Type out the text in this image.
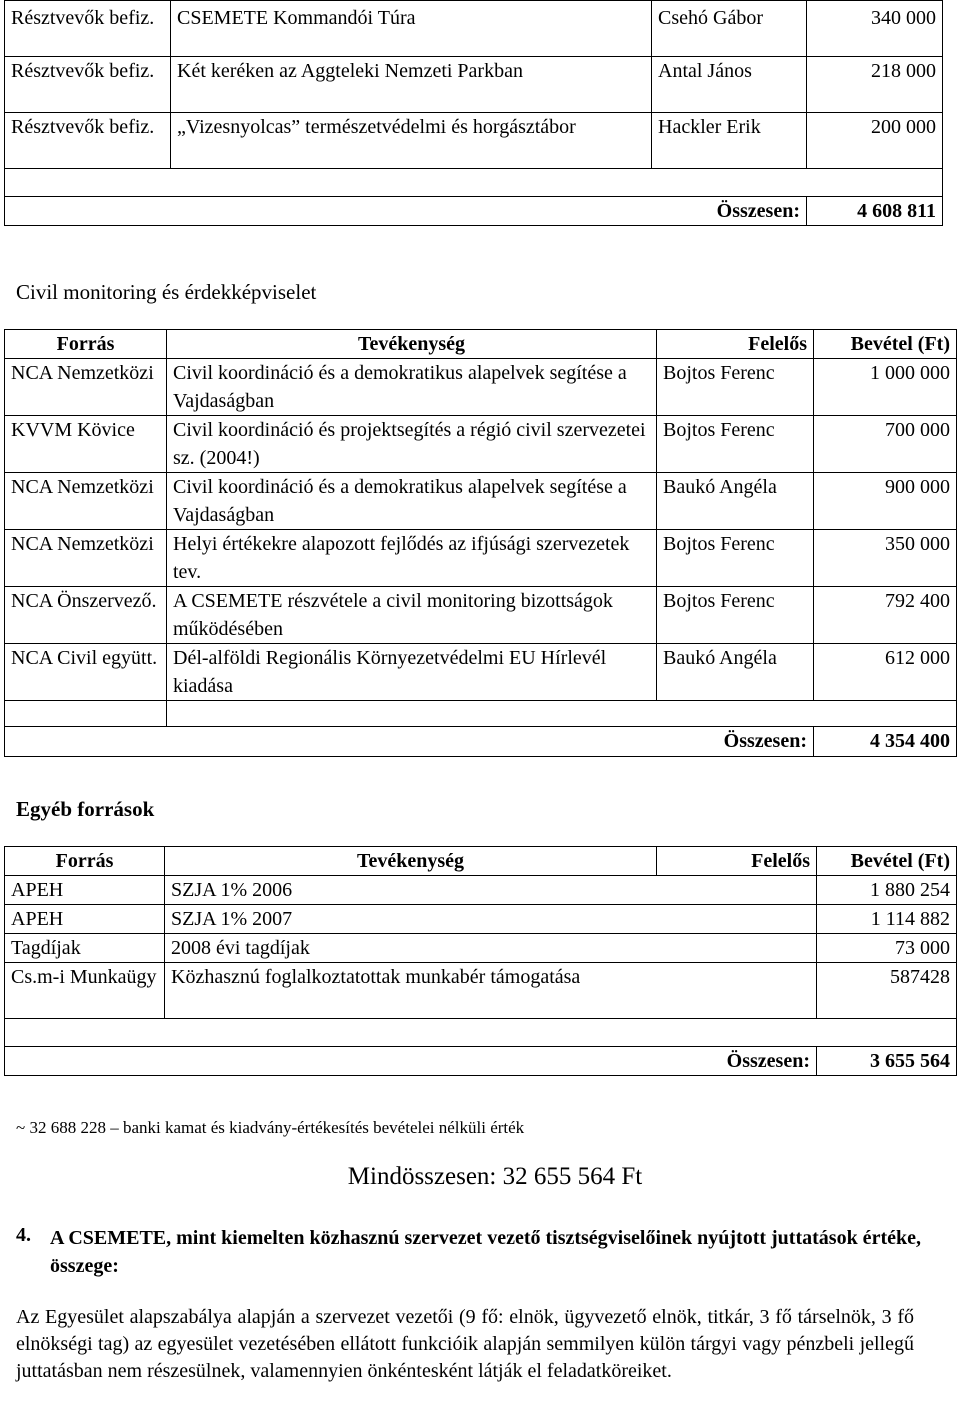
Résztvevők befiz.	CSEMETE Kommandói Túra	Csehó Gábor	340 000
Résztvevők befiz.	Két keréken az Aggteleki Nemzeti Parkban	Antal János	218 000
Résztvevők befiz.	„Vizesnyolcas” természetvédelmi és horgásztábor	Hackler Erik	200 000

Összesen:			4 608 811
Civil monitoring és érdekképviselet
Forrás	Tevékenység	Felelős	Bevétel (Ft)
NCA Nemzetközi	Civil koordináció és a demokratikus alapelvek segítése a Vajdaságban	Bojtos Ferenc	1 000 000
KVVM Kövice	Civil koordináció és projektsegítés a régió civil szervezetei sz. (2004!)	Bojtos Ferenc	700 000
NCA Nemzetközi	Civil koordináció és a demokratikus alapelvek segítése a Vajdaságban	Baukó Angéla	900 000
NCA Nemzetközi	Helyi értékekre alapozott fejlődés az ifjúsági szervezetek tev.	Bojtos Ferenc	350 000
NCA Önszervező.	A CSEMETE részvétele a civil monitoring bizottságok működésében	Bojtos Ferenc	792 400
NCA Civil együtt.	Dél-alföldi Regionális Környezetvédelmi EU Hírlevél kiadása	Baukó Angéla	612 000

Összesen:			4 354 400
Egyéb források
Forrás	Tevékenység	Felelős	Bevétel (Ft)
APEH	SZJA 1% 2006		1 880 254
APEH	SZJA 1% 2007		1 114 882
Tagdíjak	2008 évi tagdíjak		73 000
Cs.m-i Munkaügy	Közhasznú foglalkoztatottak munkabér támogatása		587428

Összesen:			3 655 564
~ 32 688 228 – banki kamat és kiadvány-értékesítés bevételei nélküli érték
Mindösszesen: 32 655 564 Ft
4. A CSEMETE, mint kiemelten közhasznú szervezet vezető tisztségviselőinek nyújtott juttatások értéke, összege:
Az Egyesület alapszabálya alapján a szervezet vezetői (9 fő: elnök, ügyvezető elnök, titkár, 3 fő társelnök, 3 fő elnökségi tag) az egyesület vezetésében ellátott funkcióik alapján semmilyen külön tárgyi vagy pénzbeli jellegű juttatásban nem részesülnek, valamennyien önkéntesként látják el feladatköreiket.
